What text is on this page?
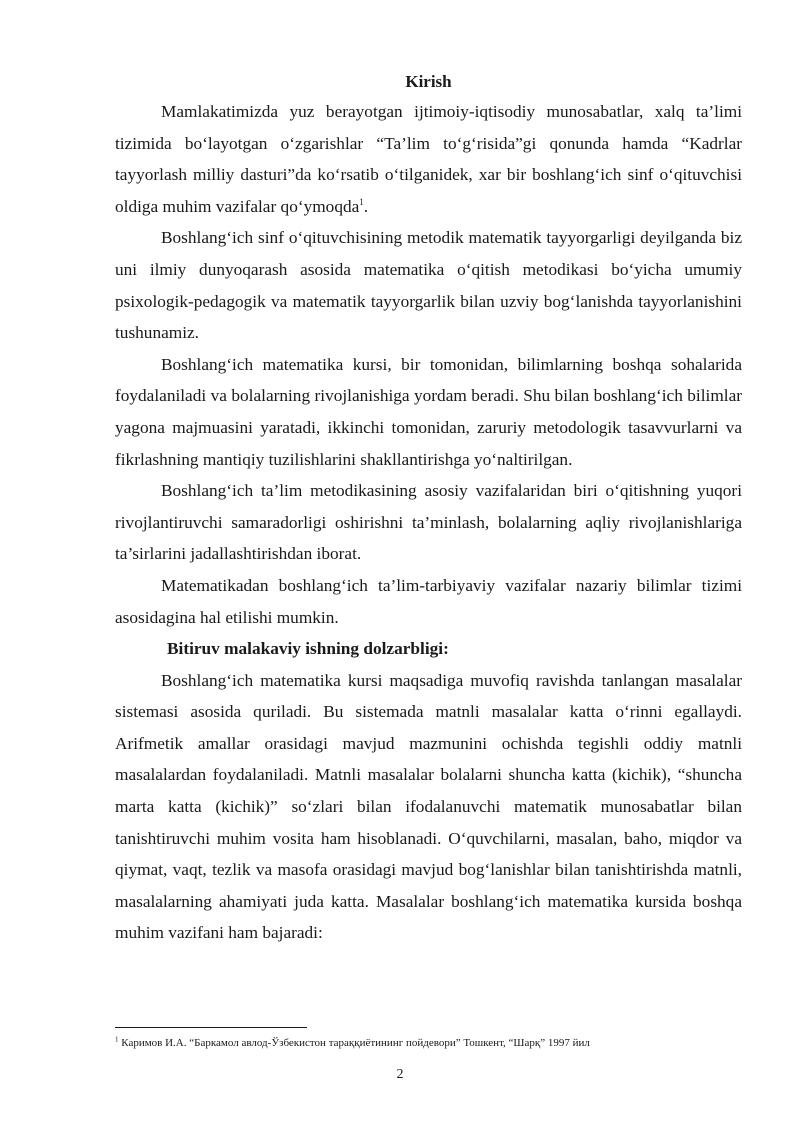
Kirish

Mamlakatimizda yuz berayotgan ijtimoiy-iqtisodiy munosabatlar, xalq ta’limi tizimida bo‘layotgan o‘zgarishlar “Ta’lim to‘g‘risida”gi qonunda hamda “Kadrlar tayyorlash milliy dasturi”da ko‘rsatib o‘tilganidek, xar bir boshlang‘ich sinf o‘qituvchisi oldiga muhim vazifalar qo‘ymoqda$^1$.

Boshlang‘ich sinf o‘qituvchisining metodik matematik tayyorgarligi deyilganda biz uni ilmiy dunyoqarash asosida matematika o‘qitish metodikasi bo‘yicha umumiy psixologik-pedagogik va matematik tayyorgarlik bilan uzviy bog‘lanishda tayyorlanishini tushunamiz.

Boshlang‘ich matematika kursi, bir tomonidan, bilimlarning boshqa sohalarida foydalaniladi va bolalarning rivojlanishiga yordam beradi. Shu bilan boshlang‘ich bilimlar yagona majmuasini yaratadi, ikkinchi tomonidan, zaruriy metodologik tasavvurlarni va fikrlashning mantiqiy tuzilishlarini shakllantirishga yo‘naltirilgan.

Boshlang‘ich ta’lim metodikasining asosiy vazifalaridan biri o‘qitishning yuqori rivojlantiruvchi samaradorligi oshirishni ta’minlash, bolalarning aqliy rivojlanishlariga ta’sirlarini jadallashtirishdan iborat.

Matematikadan boshlang‘ich ta’lim-tarbiyaviy vazifalar nazariy bilimlar tizimi asosidagina hal etilishi mumkin.

Bitiruv malakaviy ishning dolzarbligi:

Boshlang‘ich matematika kursi maqsadiga muvofiq ravishda tanlangan masalalar sistemasi asosida quriladi. Bu sistemada matnli masalalar katta o‘rinni egallaydi. Arifmetik amallar orasidagi mavjud mazmunini ochishda tegishli oddiy matnli masalalardan foydalaniladi. Matnli masalalar bolalarni shuncha katta (kichik), “shuncha marta katta (kichik)” so‘zlari bilan ifodalanuvchi matematik munosabatlar bilan tanishtiruvchi muhim vosita ham hisoblanadi. O‘quvchilarni, masalan, baho, miqdor va qiymat, vaqt, tezlik va masofa orasidagi mavjud bog‘lanishlar bilan tanishtirishda matnli, masalalarning ahamiyati juda katta. Masalalar boshlang‘ich matematika kursida boshqa muhim vazifani ham bajaradi:

$^1$ Каримов И.А. “Баркамол авлод-Ўзбекистон тараққиётининг пойдевори” Тошкент, “Шарқ” 1997 йил
2
